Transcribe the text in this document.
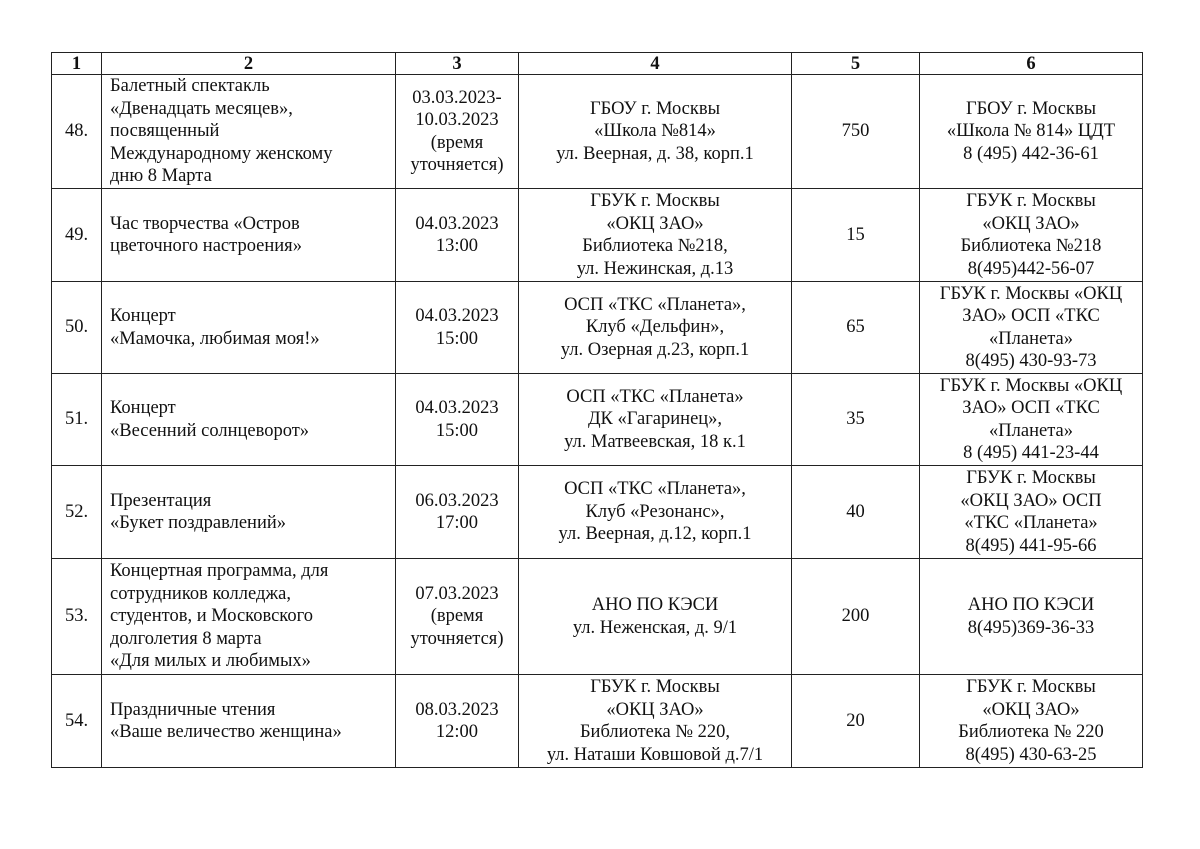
1	2	3	4	5	6
48.	Балетный спектакль
«Двенадцать месяцев»,
посвященный
Международному женскому
дню 8 Марта	03.03.2023-
10.03.2023
(время
уточняется)	ГБОУ г. Москвы
«Школа №814»
ул. Веерная, д. 38, корп.1	750	ГБОУ г. Москвы
«Школа № 814» ЦДТ
8 (495) 442-36-61

49.	Час творчества «Остров
цветочного настроения»	04.03.2023
13:00	ГБУК г. Москвы
«ОКЦ ЗАО»
Библиотека №218,
ул. Нежинская, д.13	15	ГБУК г. Москвы
«ОКЦ ЗАО»
Библиотека №218
8(495)442-56-07

50.	Концерт
«Мамочка, любимая моя!»	04.03.2023
15:00	ОСП «ТКС «Планета»,
Клуб «Дельфин»,
ул. Озерная д.23, корп.1	65	ГБУК г. Москвы «ОКЦ
ЗАО» ОСП «ТКС
«Планета»
8(495) 430-93-73

51.	Концерт
«Весенний солнцеворот»	04.03.2023
15:00	ОСП «ТКС «Планета»
ДК «Гагаринец»,
ул. Матвеевская, 18 к.1	35	ГБУК г. Москвы «ОКЦ
ЗАО» ОСП «ТКС
«Планета»
8 (495) 441-23-44

52.	Презентация
«Букет поздравлений»	06.03.2023
17:00	ОСП «ТКС «Планета»,
Клуб «Резонанс»,
ул. Веерная, д.12, корп.1	40	ГБУК г. Москвы
«ОКЦ ЗАО» ОСП
«ТКС «Планета»
8(495) 441-95-66

53.	Концертная программа, для
сотрудников колледжа,
студентов, и Московского
долголетия 8 марта
«Для милых и любимых»	07.03.2023
(время
уточняется)	АНО ПО КЭСИ
ул. Неженская, д. 9/1	200	АНО ПО КЭСИ
8(495)369-36-33

54.	Праздничные чтения
«Ваше величество женщина»	08.03.2023
12:00	ГБУК г. Москвы
«ОКЦ ЗАО»
Библиотека № 220,
ул. Наташи Ковшовой д.7/1	20	ГБУК г. Москвы
«ОКЦ ЗАО»
Библиотека № 220
8(495) 430-63-25
